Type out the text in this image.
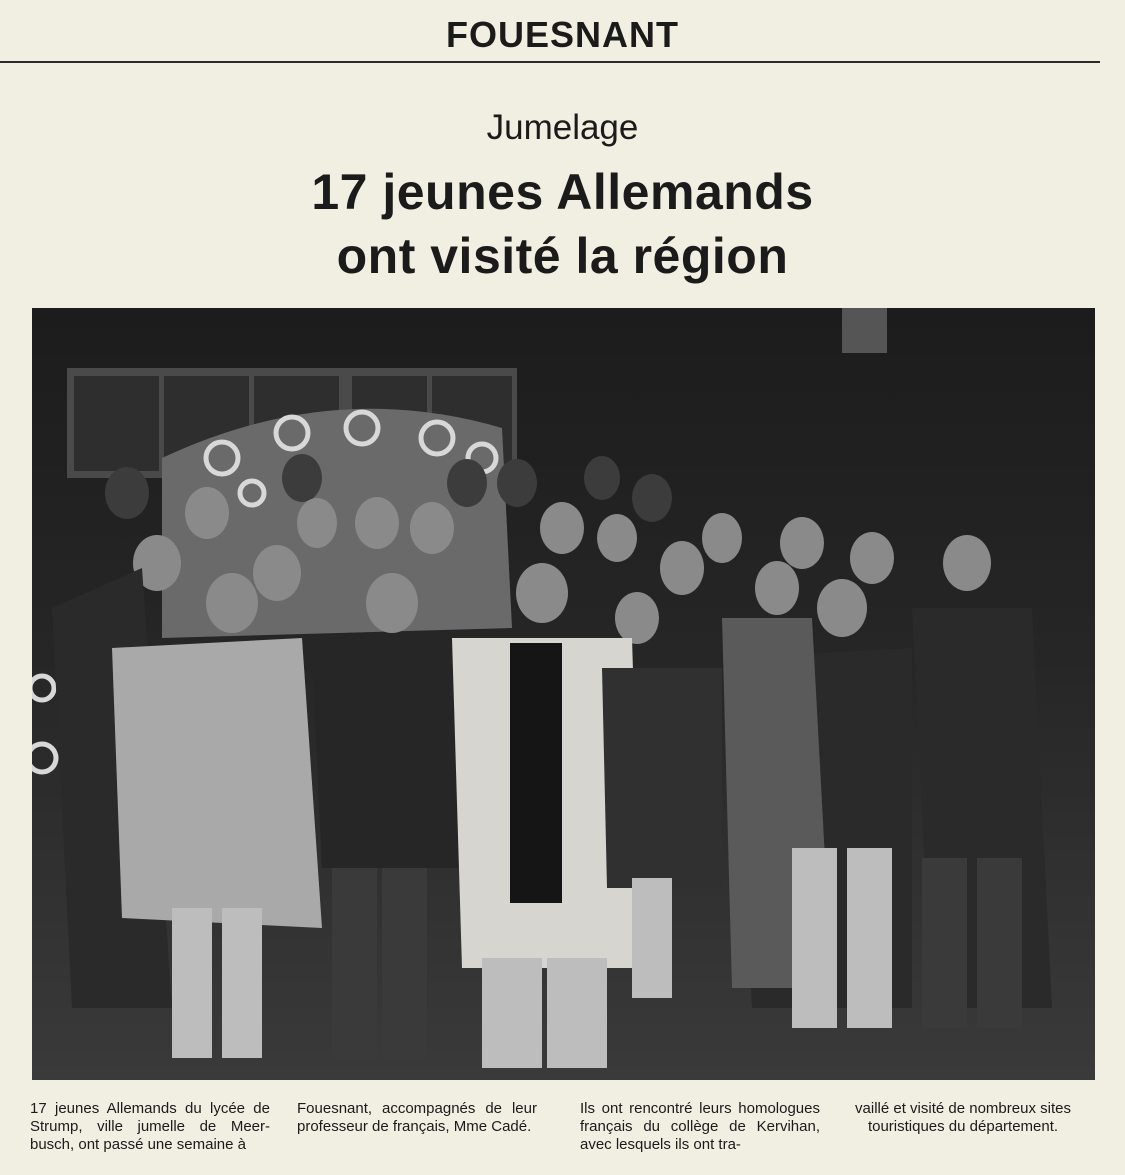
FOUESNANT
Jumelage
17 jeunes Allemands
ont visité la région
17 jeunes Allemands du lycée de Strump, ville jumelle de Meer-busch, ont passé une semaine à
Fouesnant, accompagnés de leur professeur de français, Mme Cadé.
Ils ont rencontré leurs homologues français du collège de Kervihan, avec lesquels ils ont tra-
vaillé et visité de nombreux sites touristiques du département.
